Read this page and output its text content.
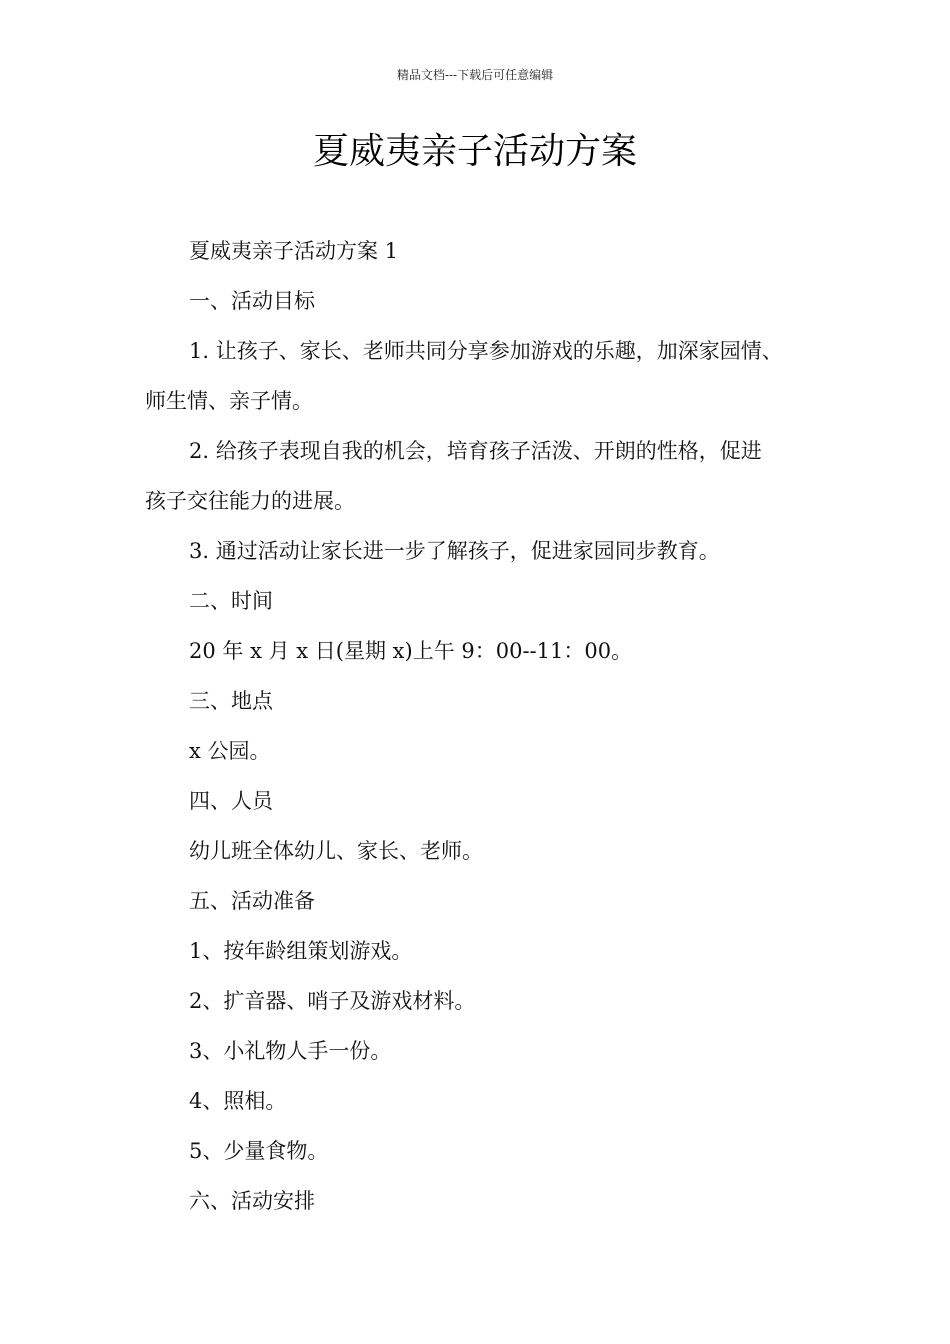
精品文档---下载后可任意编辑
夏威夷亲子活动方案

夏威夷亲子活动方案 1

一、活动目标

1. 让孩子、家长、老师共同分享参加游戏的乐趣，加深家园情、

师生情、亲子情。

2. 给孩子表现自我的机会，培育孩子活泼、开朗的性格，促进

孩子交往能力的进展。

3. 通过活动让家长进一步了解孩子，促进家园同步教育。

二、时间

20 年 x 月 x 日(星期 x)上午 9：00--11：00。

三、地点

x 公园。

四、人员

幼儿班全体幼儿、家长、老师。

五、活动准备

1、按年龄组策划游戏。

2、扩音器、哨子及游戏材料。

3、小礼物人手一份。

4、照相。

5、少量食物。

六、活动安排
